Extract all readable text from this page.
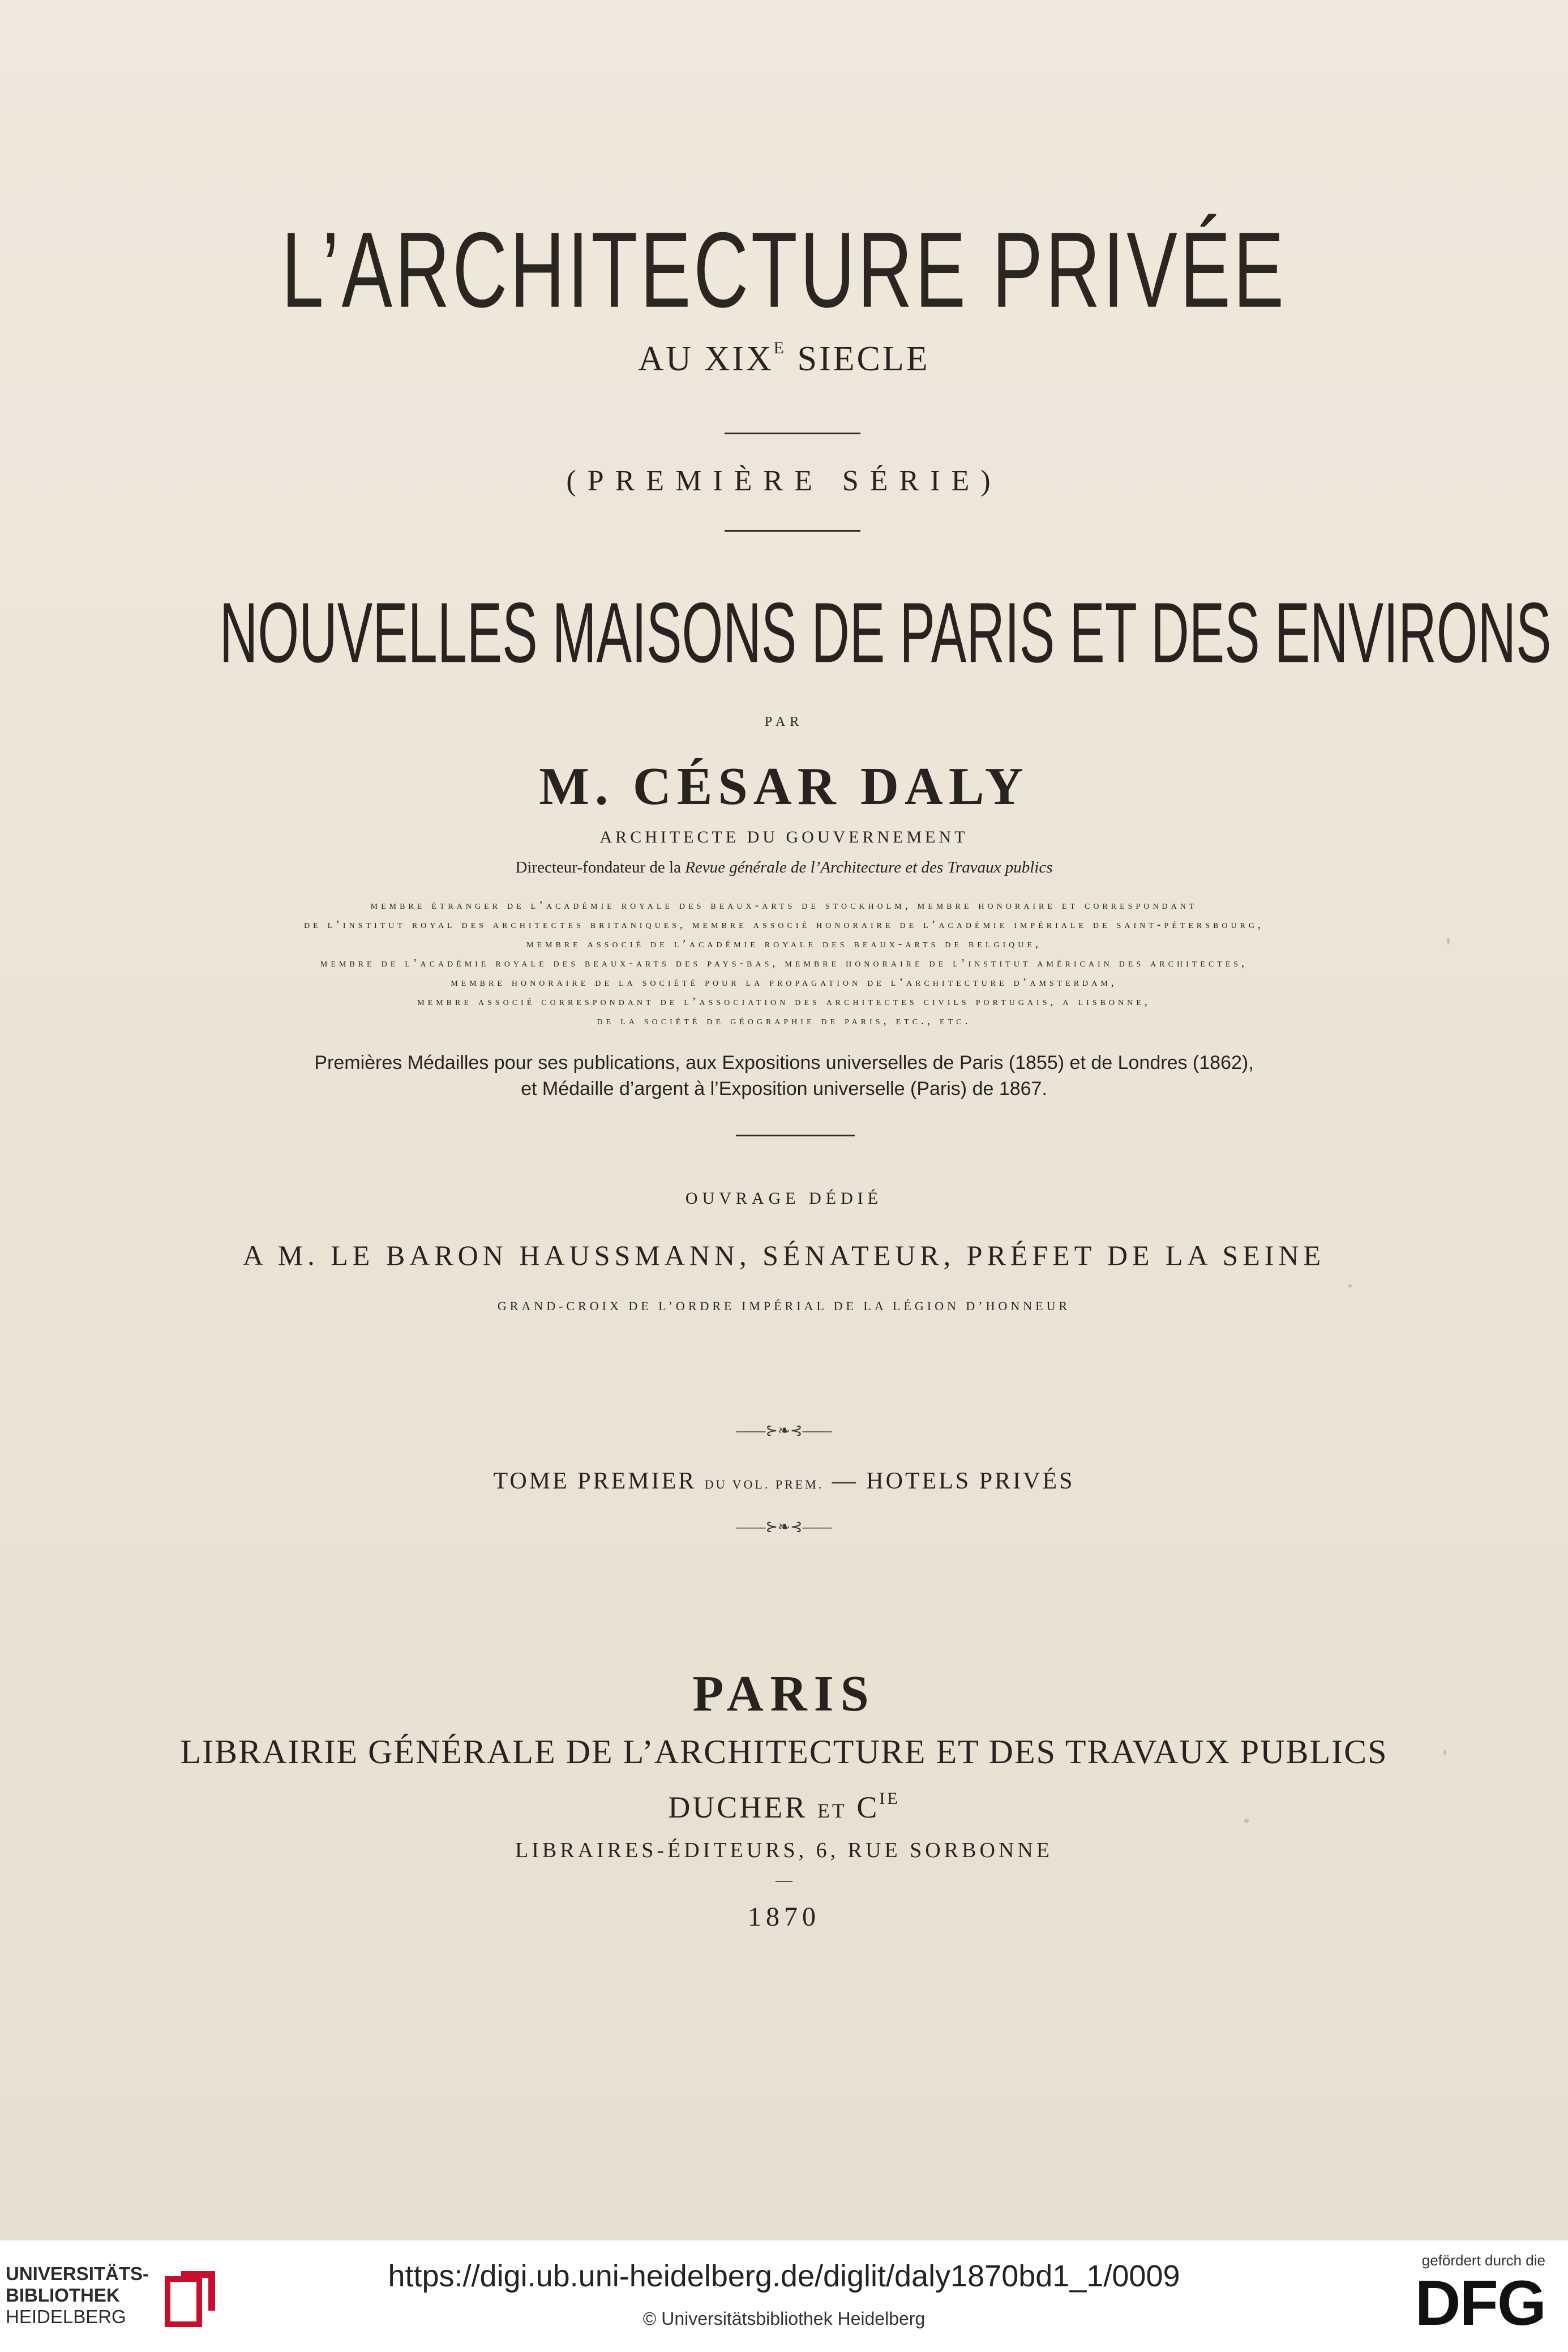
L’ARCHITECTURE PRIVÉE
AU $XIX^E$ SIECLE
(PREMIÈRE SÉRIE)
NOUVELLES MAISONS DE PARIS ET DES ENVIRONS
PAR
M. CÉSAR DALY
ARCHITECTE DU GOUVERNEMENT
Directeur-fondateur de la Revue générale de l’Architecture et des Travaux publics
membre étranger de l’académie royale des beaux-arts de stockholm, membre honoraire et correspondant
de l’institut royal des architectes britaniques, membre associé honoraire de l’académie impériale de saint-pétersbourg,
membre associé de l’académie royale des beaux-arts de belgique,
membre de l’académie royale des beaux-arts des pays-bas, membre honoraire de l’institut américain des architectes,
membre honoraire de la société pour la propagation de l’architecture d’amsterdam,
membre associé correspondant de l’association des architectes civils portugais, a lisbonne,
de la société de géographie de paris, etc., etc.
Premières Médailles pour ses publications, aux Expositions universelles de Paris (1855) et de Londres (1862),
et Médaille d’argent à l’Exposition universelle (Paris) de 1867.
OUVRAGE DÉDIÉ
A M. LE BARON HAUSSMANN, SÉNATEUR, PRÉFET DE LA SEINE
GRAND-CROIX DE L’ORDRE IMPÉRIAL DE LA LÉGION D’HONNEUR
——⊱❧⊰——
TOME PREMIER DU VOL. PREM. — HOTELS PRIVÉS
——⊱❧⊰——
PARIS
LIBRAIRIE GÉNÉRALE DE L’ARCHITECTURE ET DES TRAVAUX PUBLICS
DUCHER ET $C^{IE}$
LIBRAIRES-ÉDITEURS, 6, RUE SORBONNE
—
1870
UNIVERSITÄTS-
BIBLIOTHEK
HEIDELBERG
https://digi.ub.uni-heidelberg.de/diglit/daly1870bd1_1/0009
© Universitätsbibliothek Heidelberg
gefördert durch die
DFG
